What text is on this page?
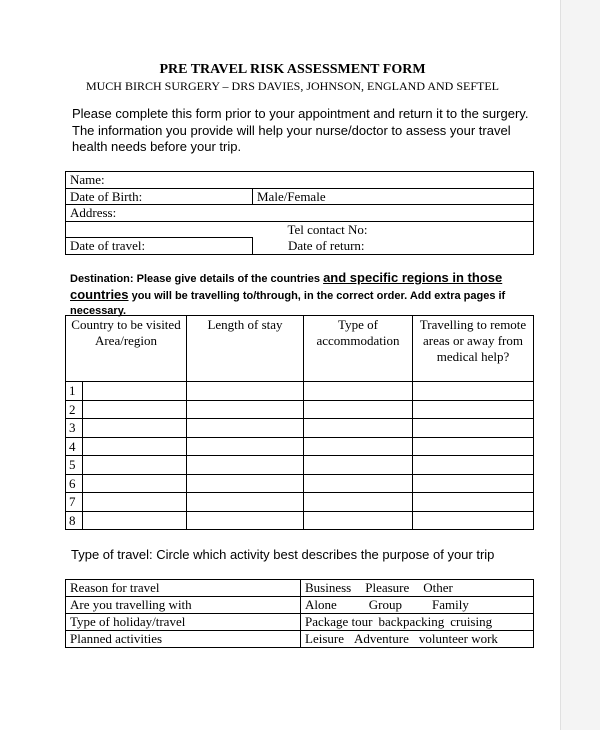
PRE TRAVEL RISK ASSESSMENT FORM
MUCH BIRCH SURGERY – DRS DAVIES, JOHNSON, ENGLAND AND SEFTEL
Please complete this form prior to your appointment and return it to the surgery. The information you provide will help your nurse/doctor to assess your travel health needs before your trip.
Name:	
Date of Birth:	Male/Female
Address:	
	Tel contact No:
Date of travel:	Date of return:
Destination: Please give details of the countries and specific regions in those countries you will be travelling to/through, in the correct order. Add extra pages if necessary.
Country to be visited Area/region		Length of stay	Type of accommodation	Travelling to remote areas or away from medical help?
1				
2				
3				
4				
5				
6				
7				
8				
Type of travel: Circle which activity best describes the purpose of your trip
Reason for travel	Business Pleasure Other
Are you travelling with	Alone Group Family
Type of holiday/travel	Package tour backpacking cruising
Planned activities	Leisure Adventure volunteer work
